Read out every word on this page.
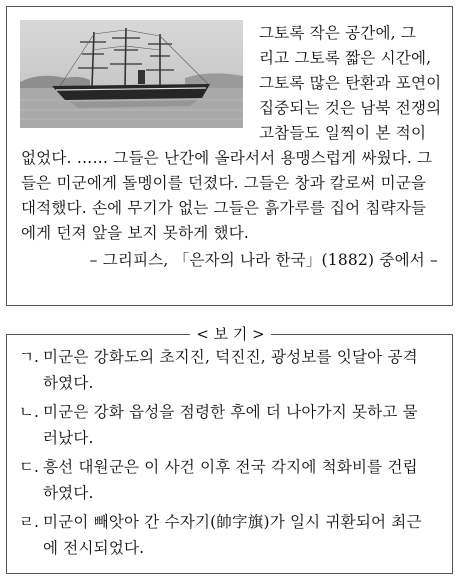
그토록 작은 공간에, 그
리고 그토록 짧은 시간에,
그토록 많은 탄환과 포연이
집중되는 것은 남북 전쟁의
고참들도 일찍이 본 적이
없었다. …… 그들은 난간에 올라서서 용맹스럽게 싸웠다. 그
들은 미군에게 돌멩이를 던졌다. 그들은 창과 칼로써 미군을
대적했다. 손에 무기가 없는 그들은 흙가루를 집어 침략자들
에게 던져 앞을 보지 못하게 했다.
– 그리피스, 「은자의 나라 한국」(1882) 중에서 –
< 보 기 >
ㄱ. 미군은 강화도의 초지진, 덕진진, 광성보를 잇달아 공격
하였다.
ㄴ. 미군은 강화 읍성을 점령한 후에 더 나아가지 못하고 물
러났다.
ㄷ. 흥선 대원군은 이 사건 이후 전국 각지에 척화비를 건립
하였다.
ㄹ. 미군이 빼앗아 간 수자기(帥字旗)가 일시 귀환되어 최근
에 전시되었다.
